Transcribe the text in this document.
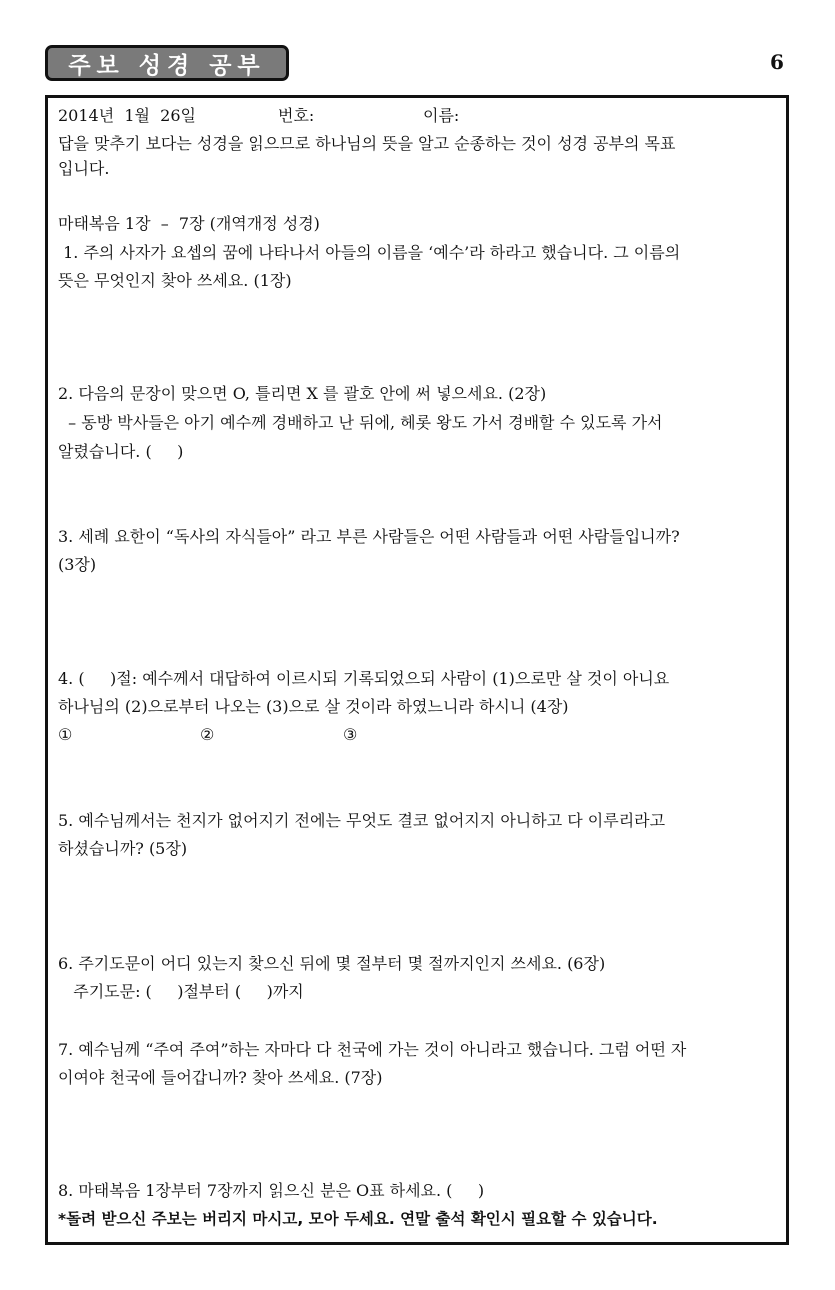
주보 성경 공부	6

2014년  1월  26일

	번호:

	이름:

답을 맞추기 보다는 성경을 읽으므로 하나님의 뜻을 알고 순종하는 것이 성경 공부의 목표
입니다.
마태복음 1장  –  7장 (개역개정 성경)
1. 주의 사자가 요셉의 꿈에 나타나서 아들의 이름을 ‘예수’라 하라고 했습니다. 그 이름의
뜻은 무엇인지 찾아 쓰세요. (1장)
2. 다음의 문장이 맞으면 O, 틀리면 X 를 괄호 안에 써 넣으세요. (2장)
– 동방 박사들은 아기 예수께 경배하고 난 뒤에, 헤롯 왕도 가서 경배할 수 있도록 가서
알렸습니다. (     )
3. 세례 요한이 “독사의 자식들아” 라고 부른 사람들은 어떤 사람들과 어떤 사람들입니까?
(3장)
4. (     )절: 예수께서 대답하여 이르시되 기록되었으되 사람이 (1)으로만 살 것이 아니요
하나님의 (2)으로부터 나오는 (3)으로 살 것이라 하였느니라 하시니 (4장)

①

	②

	③

5. 예수님께서는 천지가 없어지기 전에는 무엇도 결코 없어지지 아니하고 다 이루리라고
하셨습니까? (5장)
6. 주기도문이 어디 있는지 찾으신 뒤에 몇 절부터 몇 절까지인지 쓰세요. (6장)
주기도문: (     )절부터 (     )까지
7. 예수님께 “주여 주여”하는 자마다 다 천국에 가는 것이 아니라고 했습니다. 그럼 어떤 자
이여야 천국에 들어갑니까? 찾아 쓰세요. (7장)
8. 마태복음 1장부터 7장까지 읽으신 분은 O표 하세요. (     )
*돌려 받으신 주보는 버리지 마시고, 모아 두세요. 연말 출석 확인시 필요할 수 있습니다.
